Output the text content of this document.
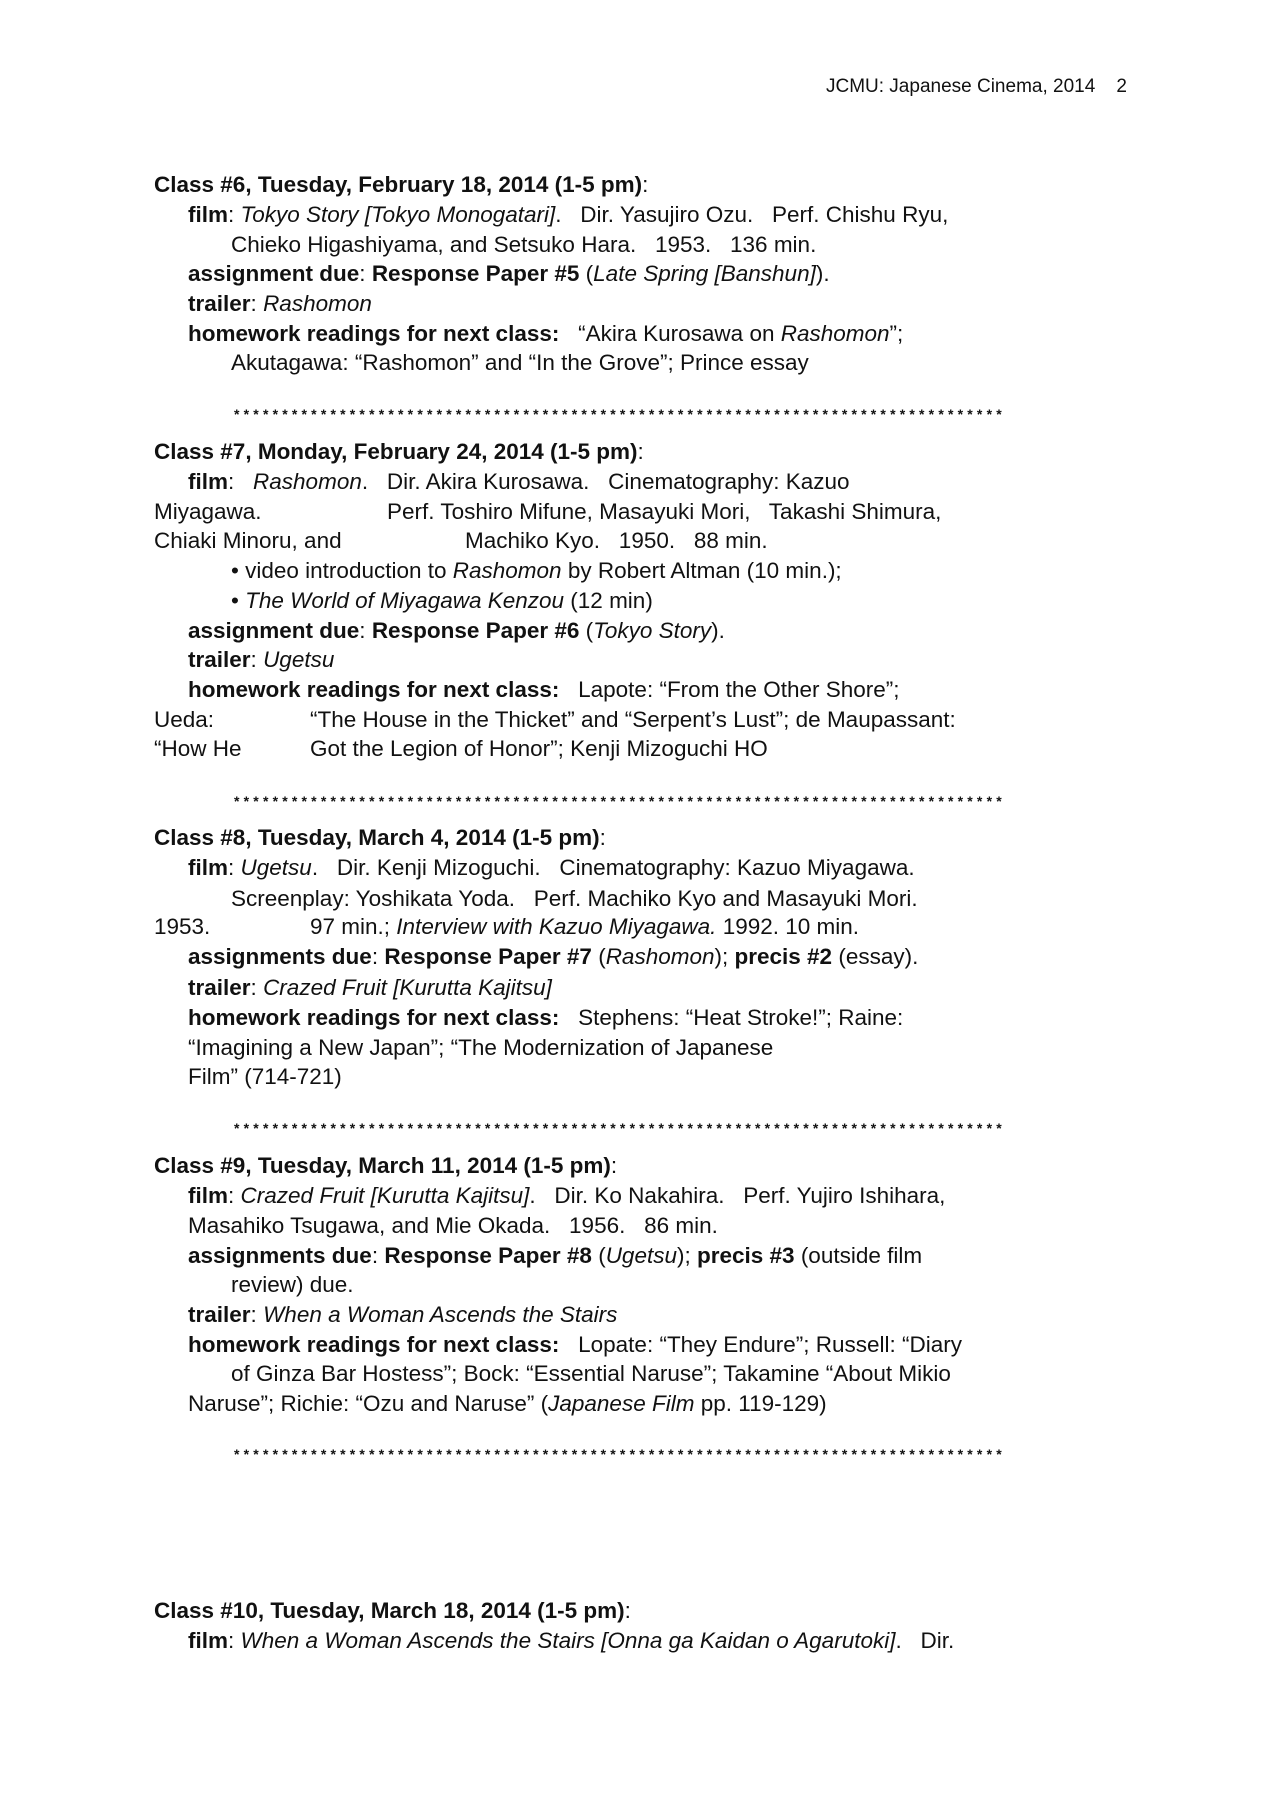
JCMU: Japanese Cinema, 2014 2
Class #6, Tuesday, February 18, 2014 (1-5 pm):
film: Tokyo Story [Tokyo Monogatari].   Dir. Yasujiro Ozu.   Perf. Chishu Ryu,
Chieko Higashiyama, and Setsuko Hara.   1953.   136 min.
assignment due: Response Paper #5 (Late Spring [Banshun]).
trailer: Rashomon
homework readings for next class:   “Akira Kurosawa on Rashomon”;
Akutagawa: “Rashomon” and “In the Grove”; Prince essay
Class #7, Monday, February 24, 2014 (1-5 pm):
film:   Rashomon.   Dir. Akira Kurosawa.   Cinematography: Kazuo
Miyagawa.	Perf. Toshiro Mifune, Masayuki Mori,   Takashi Shimura,
Chiaki Minoru, and	Machiko Kyo.   1950.   88 min.
• video introduction to Rashomon by Robert Altman (10 min.);
• The World of Miyagawa Kenzou (12 min)
assignment due: Response Paper #6 (Tokyo Story).
trailer: Ugetsu
homework readings for next class:   Lapote: “From the Other Shore”;
Ueda:	“The House in the Thicket” and “Serpent’s Lust”; de Maupassant:
“How He	Got the Legion of Honor”; Kenji Mizoguchi HO
Class #8, Tuesday, March 4, 2014 (1-5 pm):
film: Ugetsu.   Dir. Kenji Mizoguchi.   Cinematography: Kazuo Miyagawa.
Screenplay: Yoshikata Yoda.   Perf. Machiko Kyo and Masayuki Mori.
1953.	97 min.; Interview with Kazuo Miyagawa. 1992. 10 min.
assignments due: Response Paper #7 (Rashomon); precis #2 (essay).
trailer: Crazed Fruit [Kurutta Kajitsu]
homework readings for next class:   Stephens: “Heat Stroke!”; Raine:
“Imagining a New Japan”; “The Modernization of Japanese
Film” (714-721)
Class #9, Tuesday, March 11, 2014 (1-5 pm):
film: Crazed Fruit [Kurutta Kajitsu].   Dir. Ko Nakahira.   Perf. Yujiro Ishihara,
Masahiko Tsugawa, and Mie Okada.   1956.   86 min.
assignments due: Response Paper #8 (Ugetsu); precis #3 (outside film
review) due.
trailer: When a Woman Ascends the Stairs
homework readings for next class:   Lopate: “They Endure”; Russell: “Diary
of Ginza Bar Hostess”; Bock: “Essential Naruse”; Takamine “About Mikio
Naruse”; Richie: “Ozu and Naruse” (Japanese Film pp. 119-129)
Class #10, Tuesday, March 18, 2014 (1-5 pm):
film: When a Woman Ascends the Stairs [Onna ga Kaidan o Agarutoki].   Dir.
********************************************************************************
********************************************************************************
********************************************************************************
********************************************************************************
